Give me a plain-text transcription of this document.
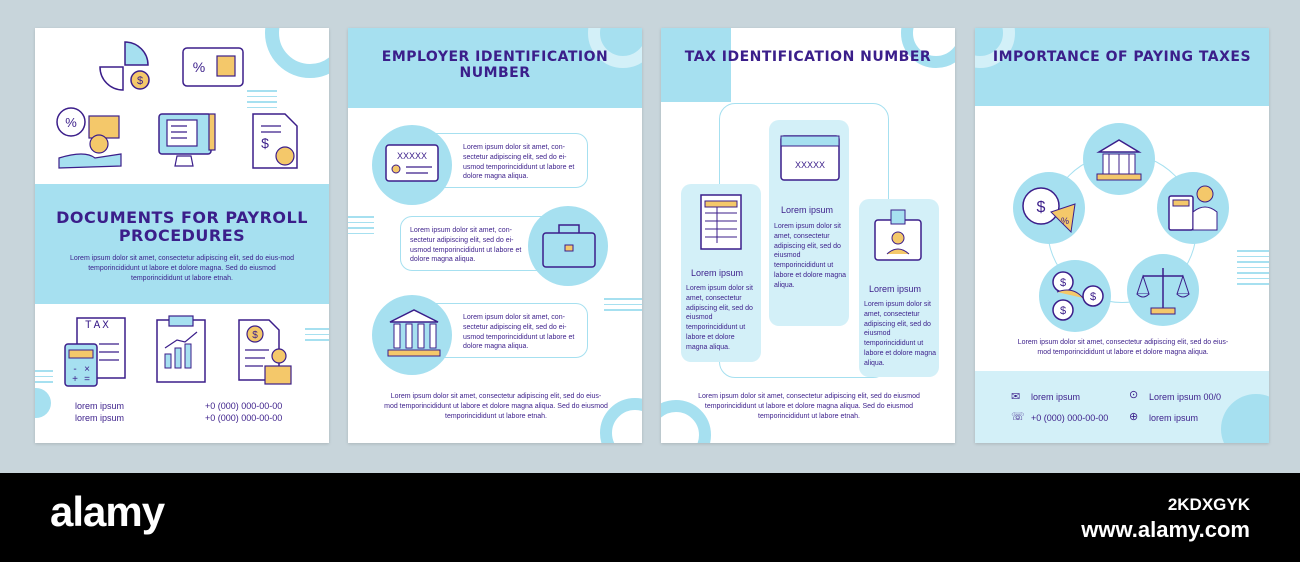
$
%
%
$
DOCUMENTS FOR PAYROLL PROCEDURES
Lorem ipsum dolor sit amet, consectetur adipiscing elit, sed do eius-mod temporincididunt ut labore et dolore magna. Sed do eiusmod temporincididunt ut labore etnah.
- ×
+ =
TAX
$
lorem ipsum	+0 (000) 000-00-00
lorem ipsum	+0 (000) 000-00-00
EMPLOYER IDENTIFICATION NUMBER
XXXXX
Lorem ipsum dolor sit amet, con-sectetur adipiscing elit, sed do ei-usmod temporincididunt ut labore et dolore magna aliqua.
Lorem ipsum dolor sit amet, con-sectetur adipiscing elit, sed do ei-usmod temporincididunt ut labore et dolore magna aliqua.
Lorem ipsum dolor sit amet, con-sectetur adipiscing elit, sed do ei-usmod temporincididunt ut labore et dolore magna aliqua.
Lorem ipsum dolor sit amet, consectetur adipiscing elit, sed do eius-mod temporincididunt ut labore et dolore magna aliqua. Sed do eiusmod temporincididunt ut labore etnah.
TAX IDENTIFICATION NUMBER
Lorem ipsum
Lorem ipsum dolor sit amet, consectetur adipiscing elit, sed do eiusmod temporincididunt ut labore et dolore magna aliqua.
XXXXX
Lorem ipsum
Lorem ipsum dolor sit amet, consectetur adipiscing elit, sed do eiusmod temporincididunt ut labore et dolore magna aliqua.	Lorem ipsum
Lorem ipsum dolor sit amet, consectetur adipiscing elit, sed do eiusmod temporincididunt ut labore et dolore magna aliqua.
Lorem ipsum dolor sit amet, consectetur adipiscing elit, sed do eiusmod temporincididunt ut labore et dolore magna aliqua. Sed do eiusmod temporincididunt ut labore etnah.
IMPORTANCE OF PAYING TAXES
$
%
$
$
$
Lorem ipsum dolor sit amet, consectetur adipiscing elit, sed do eius-mod temporincididunt ut labore et dolore magna aliqua.
✉ lorem ipsum	⊙ Lorem ipsum 00/0
☏ +0 (000) 000-00-00 ⊕ lorem ipsum
alamy	2KDXGYK
www.alamy.com
